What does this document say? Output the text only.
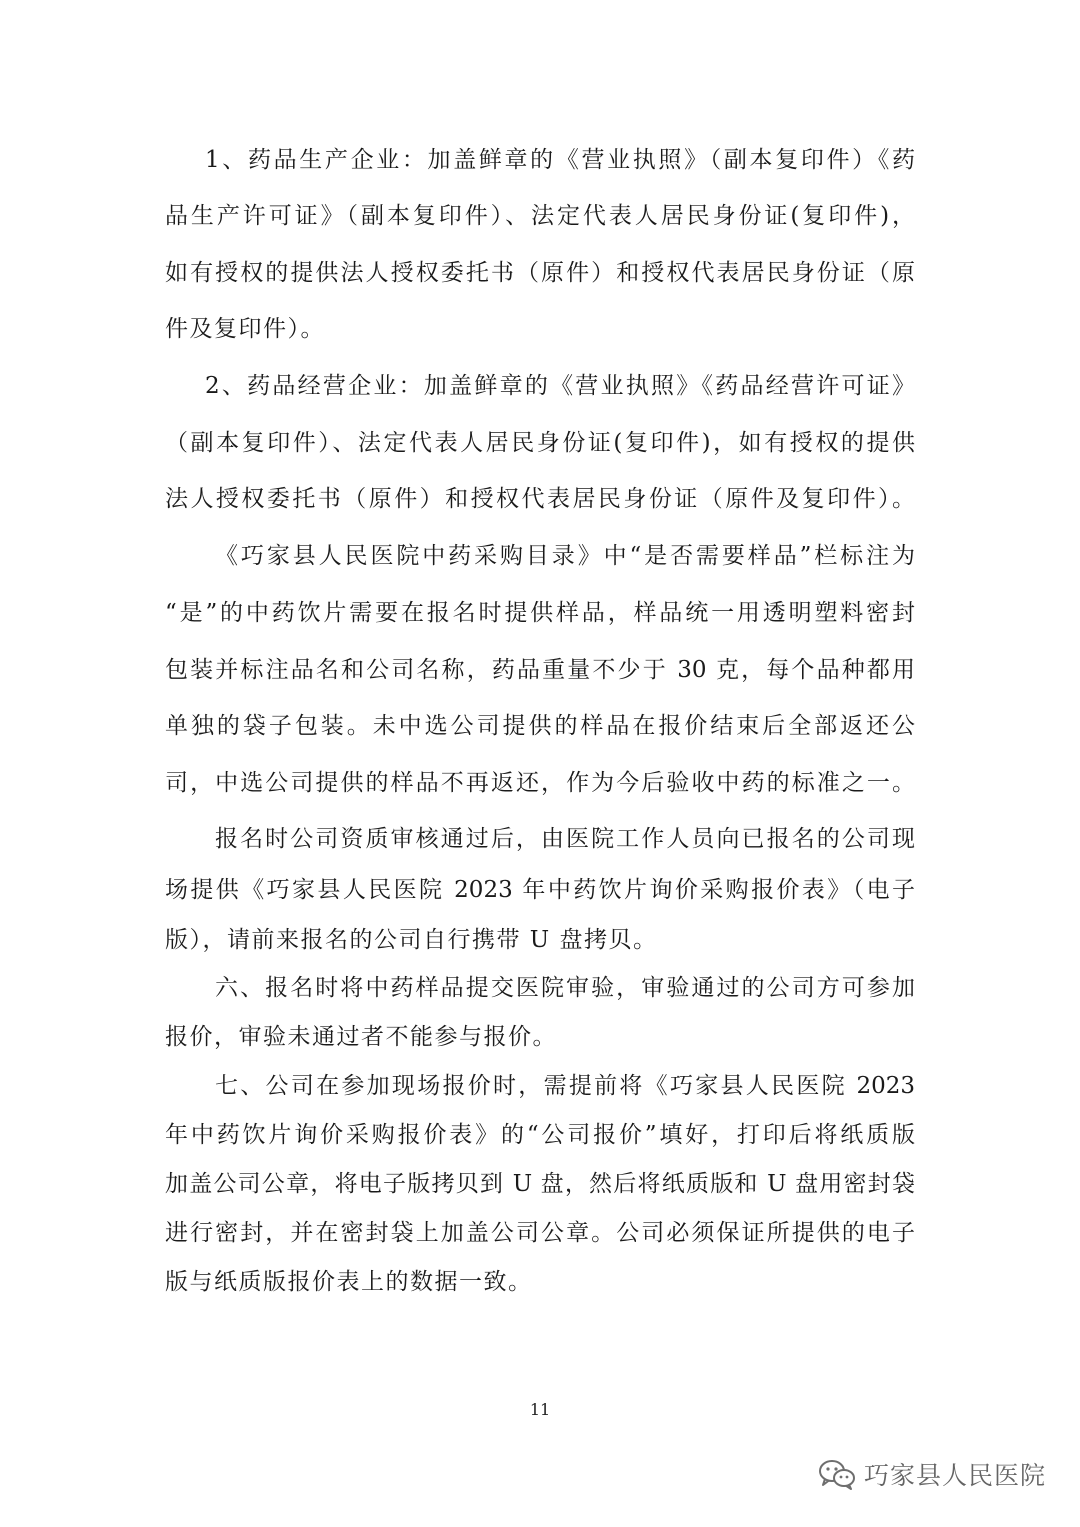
1、药品生产企业：加盖鲜章的《营业执照》（副本复印件）《药
品生产许可证》（副本复印件）、法定代表人居民身份证(复印件)，
如有授权的提供法人授权委托书（原件）和授权代表居民身份证（原
件及复印件）。
2、药品经营企业：加盖鲜章的《营业执照》《药品经营许可证》
（副本复印件）、法定代表人居民身份证(复印件)，如有授权的提供
法人授权委托书（原件）和授权代表居民身份证（原件及复印件）。
《巧家县人民医院中药采购目录》中“是否需要样品”栏标注为
“是”的中药饮片需要在报名时提供样品，样品统一用透明塑料密封
包装并标注品名和公司名称，药品重量不少于 30 克，每个品种都用
单独的袋子包装。未中选公司提供的样品在报价结束后全部返还公
司，中选公司提供的样品不再返还，作为今后验收中药的标准之一。
报名时公司资质审核通过后，由医院工作人员向已报名的公司现
场提供《巧家县人民医院 2023 年中药饮片询价采购报价表》（电子
版），请前来报名的公司自行携带 U 盘拷贝。
六、报名时将中药样品提交医院审验，审验通过的公司方可参加
报价，审验未通过者不能参与报价。
七、公司在参加现场报价时，需提前将《巧家县人民医院 2023
年中药饮片询价采购报价表》的“公司报价”填好，打印后将纸质版
加盖公司公章，将电子版拷贝到 U 盘，然后将纸质版和 U 盘用密封袋
进行密封，并在密封袋上加盖公司公章。公司必须保证所提供的电子
版与纸质版报价表上的数据一致。
11
巧家县人民医院
